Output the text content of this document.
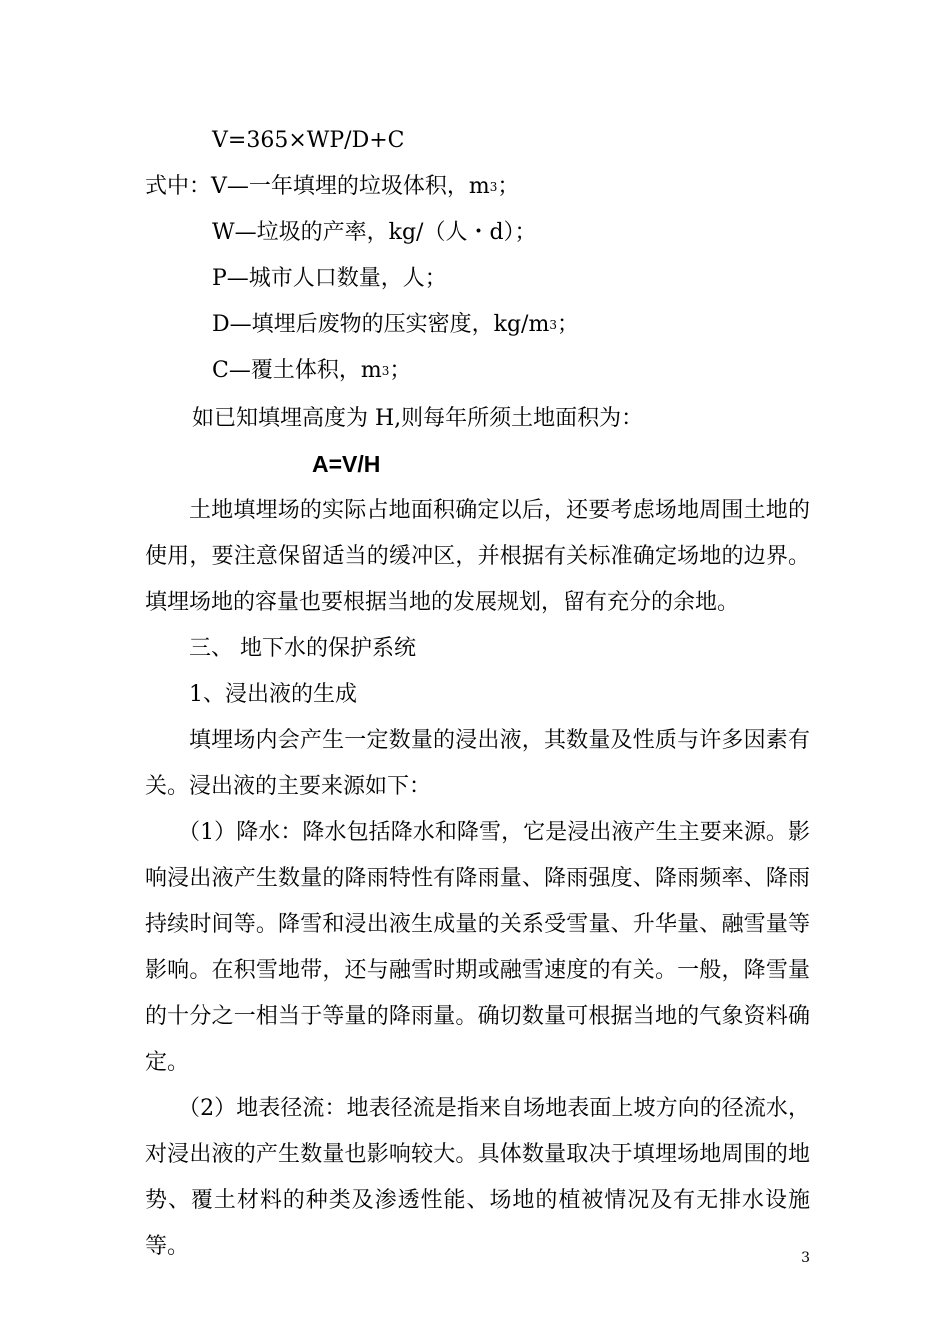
V=365×WP/D+C
式中：V—一年填埋的垃圾体积，$m^3$；
W—垃圾的产率，kg/（人・d）；
P—城市人口数量，人；
D—填埋后废物的压实密度，$kg/m^3$；
C—覆土体积，$m^3$；
如已知填埋高度为 H,则每年所须土地面积为：
A=V/H
土地填埋场的实际占地面积确定以后，还要考虑场地周围土地的使用，要注意保留适当的缓冲区，并根据有关标准确定场地的边界。填埋场地的容量也要根据当地的发展规划，留有充分的余地。
三、 地下水的保护系统
1、浸出液的生成
填埋场内会产生一定数量的浸出液，其数量及性质与许多因素有关。浸出液的主要来源如下：
（1）降水：降水包括降水和降雪，它是浸出液产生主要来源。影响浸出液产生数量的降雨特性有降雨量、降雨强度、降雨频率、降雨持续时间等。降雪和浸出液生成量的关系受雪量、升华量、融雪量等影响。在积雪地带，还与融雪时期或融雪速度的有关。一般，降雪量的十分之一相当于等量的降雨量。确切数量可根据当地的气象资料确定。
（2）地表径流：地表径流是指来自场地表面上坡方向的径流水，对浸出液的产生数量也影响较大。具体数量取决于填埋场地周围的地势、覆土材料的种类及渗透性能、场地的植被情况及有无排水设施等。	3
